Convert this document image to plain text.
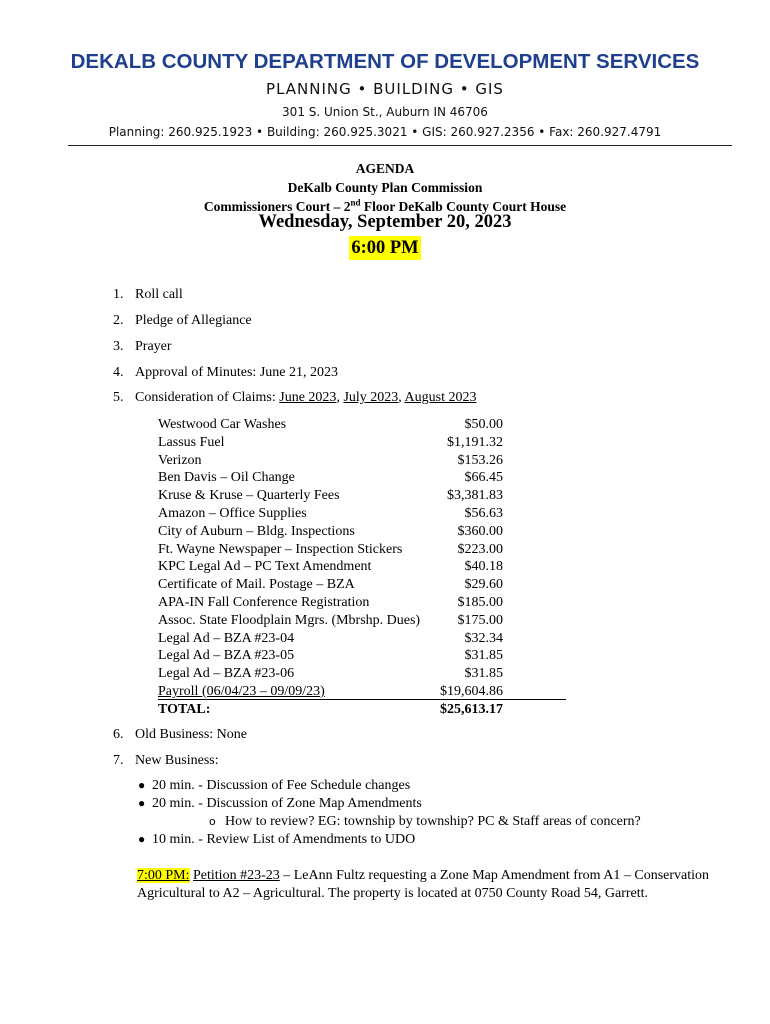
DEKALB COUNTY DEPARTMENT OF DEVELOPMENT SERVICES
PLANNING • BUILDING • GIS
301 S. Union St., Auburn IN 46706
Planning: 260.925.1923 • Building: 260.925.3021 • GIS: 260.927.2356 • Fax: 260.927.4791
AGENDA
DeKalb County Plan Commission
Commissioners Court – 2nd Floor DeKalb County Court House
Wednesday, September 20, 2023
6:00 PM
1. Roll call
2. Pledge of Allegiance
3. Prayer
4. Approval of Minutes: June 21, 2023
5. Consideration of Claims: June 2023, July 2023, August 2023
Westwood Car Washes	$50.00
Lassus Fuel	$1,191.32
Verizon	$153.26
Ben Davis – Oil Change	$66.45
Kruse & Kruse – Quarterly Fees	$3,381.83
Amazon – Office Supplies	$56.63
City of Auburn – Bldg. Inspections	$360.00
Ft. Wayne Newspaper – Inspection Stickers	$223.00
KPC Legal Ad – PC Text Amendment	$40.18
Certificate of Mail. Postage – BZA	$29.60
APA-IN Fall Conference Registration	$185.00
Assoc. State Floodplain Mgrs. (Mbrshp. Dues)	$175.00
Legal Ad – BZA #23-04	$32.34
Legal Ad – BZA #23-05	$31.85
Legal Ad – BZA #23-06	$31.85
Payroll (06/04/23 – 09/09/23)	$19,604.86
TOTAL:	$25,613.17
6. Old Business: None
7. New Business:
● 20 min. - Discussion of Fee Schedule changes
● 20 min. - Discussion of Zone Map Amendments
o How to review? EG: township by township? PC & Staff areas of concern?
● 10 min. - Review List of Amendments to UDO
7:00 PM: Petition #23-23 – LeAnn Fultz requesting a Zone Map Amendment from A1 – Conservation Agricultural to A2 – Agricultural. The property is located at 0750 County Road 54, Garrett.
